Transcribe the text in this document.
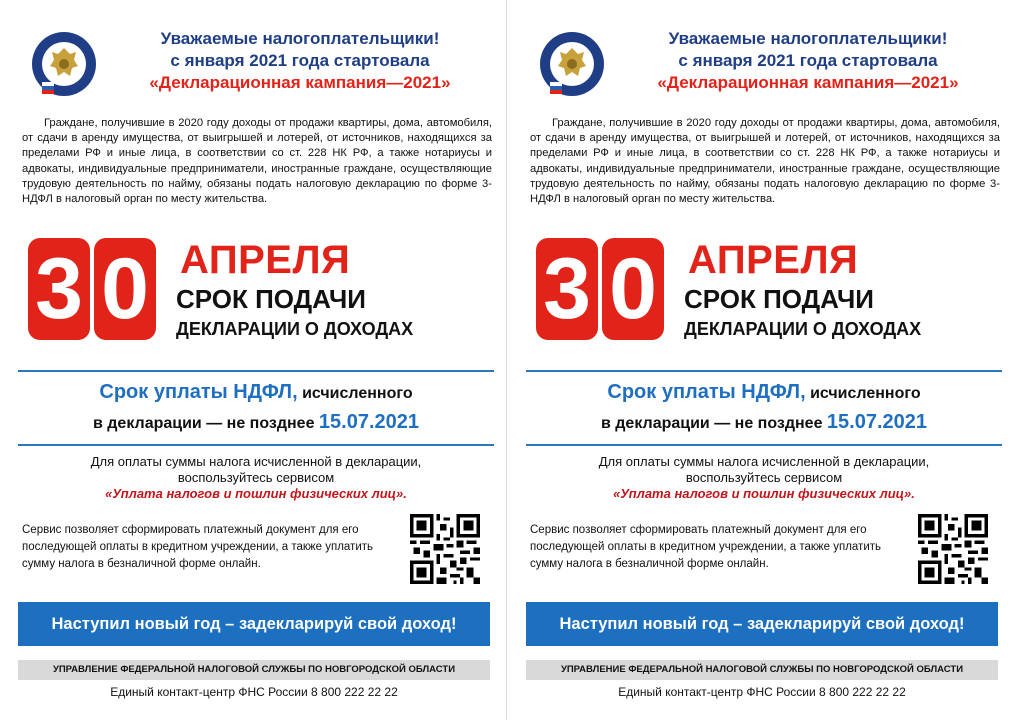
Уважаемые налогоплательщики!
с января 2021 года стартовала
«Декларационная кампания—2021»
Граждане, получившие в 2020 году доходы от продажи квартиры, дома, автомобиля, от сдачи в аренду имущества, от выигрышей и лотерей, от источников, находящихся за пределами РФ и иные лица, в соответствии со ст. 228 НК РФ, а также нотариусы и адвокаты, индивидуальные предприниматели, иностранные граждане, осуществляющие трудовую деятельность по найму, обязаны подать налоговую декларацию по форме 3-НДФЛ в налоговый орган по месту жительства.
3 0 АПРЕЛЯ
СРОК ПОДАЧИ
ДЕКЛАРАЦИИ О ДОХОДАХ
Срок уплаты НДФЛ, исчисленного
в декларации — не позднее 15.07.2021
Для оплаты суммы налога исчисленной в декларации,
воспользуйтесь сервисом
«Уплата налогов и пошлин физических лиц».
Сервис позволяет сформировать платежный документ для его последующей оплаты в кредитном учреждении, а также уплатить сумму налога в безналичной форме онлайн.
Наступил новый год – задекларируй свой доход!
УПРАВЛЕНИЕ ФЕДЕРАЛЬНОЙ НАЛОГОВОЙ СЛУЖБЫ ПО НОВГОРОДСКОЙ ОБЛАСТИ
Единый контакт-центр ФНС России 8 800 222 22 22
Уважаемые налогоплательщики!
с января 2021 года стартовала
«Декларационная кампания—2021»
Граждане, получившие в 2020 году доходы от продажи квартиры, дома, автомобиля, от сдачи в аренду имущества, от выигрышей и лотерей, от источников, находящихся за пределами РФ и иные лица, в соответствии со ст. 228 НК РФ, а также нотариусы и адвокаты, индивидуальные предприниматели, иностранные граждане, осуществляющие трудовую деятельность по найму, обязаны подать налоговую декларацию по форме 3-НДФЛ в налоговый орган по месту жительства.
3 0 АПРЕЛЯ
СРОК ПОДАЧИ
ДЕКЛАРАЦИИ О ДОХОДАХ
Срок уплаты НДФЛ, исчисленного
в декларации — не позднее 15.07.2021
Для оплаты суммы налога исчисленной в декларации,
воспользуйтесь сервисом
«Уплата налогов и пошлин физических лиц».
Сервис позволяет сформировать платежный документ для его последующей оплаты в кредитном учреждении, а также уплатить сумму налога в безналичной форме онлайн.
Наступил новый год – задекларируй свой доход!
УПРАВЛЕНИЕ ФЕДЕРАЛЬНОЙ НАЛОГОВОЙ СЛУЖБЫ ПО НОВГОРОДСКОЙ ОБЛАСТИ
Единый контакт-центр ФНС России 8 800 222 22 22
